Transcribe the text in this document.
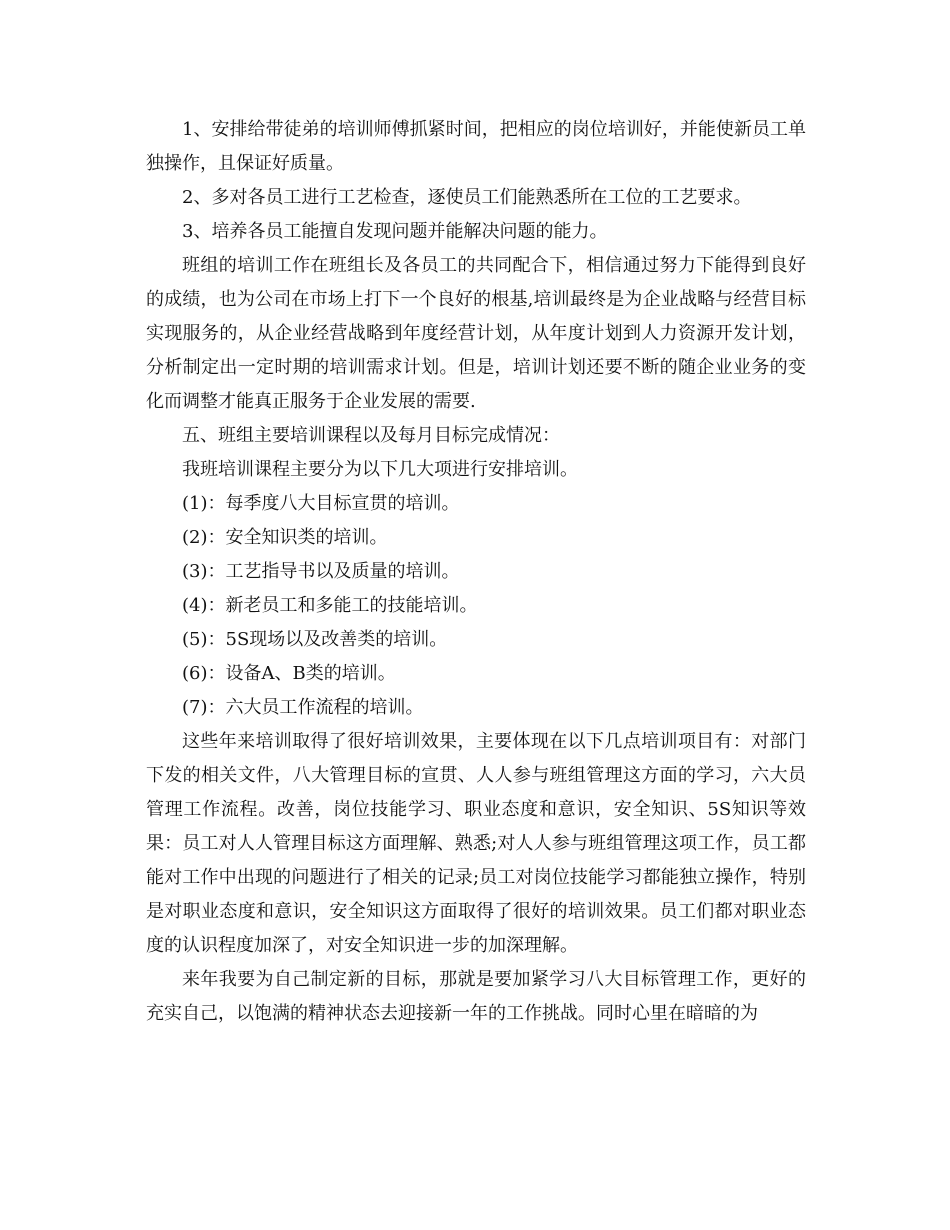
1、安排给带徒弟的培训师傅抓紧时间，把相应的岗位培训好，并能使新员工单独操作，且保证好质量。

2、多对各员工进行工艺检查，逐使员工们能熟悉所在工位的工艺要求。

3、培养各员工能擅自发现问题并能解决问题的能力。

班组的培训工作在班组长及各员工的共同配合下，相信通过努力下能得到良好的成绩，也为公司在市场上打下一个良好的根基,培训最终是为企业战略与经营目标实现服务的，从企业经营战略到年度经营计划，从年度计划到人力资源开发计划，分析制定出一定时期的培训需求计划。但是，培训计划还要不断的随企业业务的变化而调整才能真正服务于企业发展的需要.

五、班组主要培训课程以及每月目标完成情况：

我班培训课程主要分为以下几大项进行安排培训。

(1)：每季度八大目标宣贯的培训。

(2)：安全知识类的培训。

(3)：工艺指导书以及质量的培训。

(4)：新老员工和多能工的技能培训。

(5)：5S现场以及改善类的培训。

(6)：设备A、B类的培训。

(7)：六大员工作流程的培训。

这些年来培训取得了很好培训效果，主要体现在以下几点培训项目有：对部门下发的相关文件，八大管理目标的宣贯、人人参与班组管理这方面的学习，六大员管理工作流程。改善，岗位技能学习、职业态度和意识，安全知识、5S知识等效果：员工对人人管理目标这方面理解、熟悉;对人人参与班组管理这项工作，员工都能对工作中出现的问题进行了相关的记录;员工对岗位技能学习都能独立操作，特别是对职业态度和意识，安全知识这方面取得了很好的培训效果。员工们都对职业态度的认识程度加深了，对安全知识进一步的加深理解。

来年我要为自己制定新的目标，那就是要加紧学习八大目标管理工作，更好的充实自己，以饱满的精神状态去迎接新一年的工作挑战。同时心里在暗暗的为
